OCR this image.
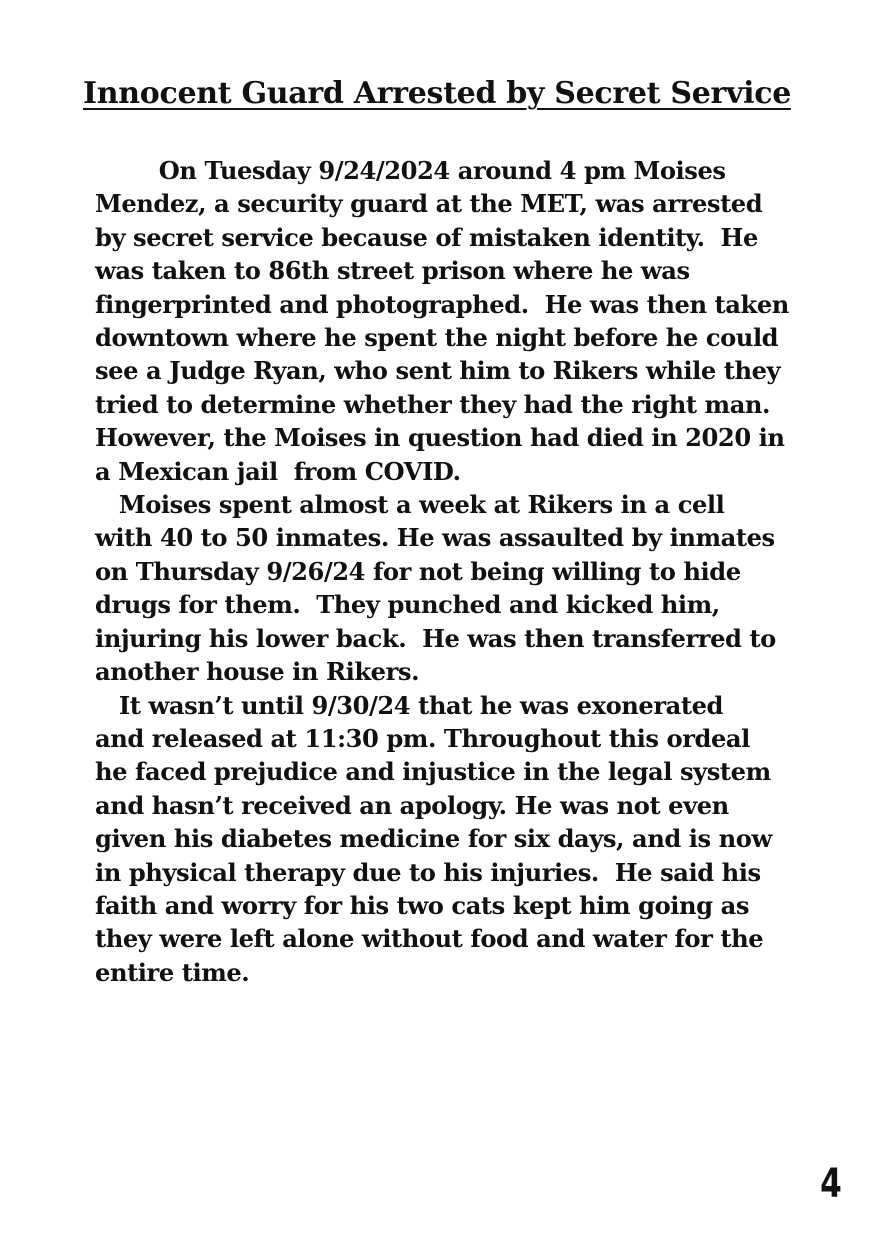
Innocent Guard Arrested by Secret Service
On Tuesday 9/24/2024 around 4 pm Moises
Mendez, a security guard at the MET, was arrested
by secret service because of mistaken identity.  He
was taken to 86th street prison where he was
fingerprinted and photographed.  He was then taken
downtown where he spent the night before he could
see a Judge Ryan, who sent him to Rikers while they
tried to determine whether they had the right man.
However, the Moises in question had died in 2020 in
a Mexican jail  from COVID.
Moises spent almost a week at Rikers in a cell
with 40 to 50 inmates. He was assaulted by inmates
on Thursday 9/26/24 for not being willing to hide
drugs for them.  They punched and kicked him,
injuring his lower back.  He was then transferred to
another house in Rikers.
It wasn’t until 9/30/24 that he was exonerated
and released at 11:30 pm. Throughout this ordeal
he faced prejudice and injustice in the legal system
and hasn’t received an apology. He was not even
given his diabetes medicine for six days, and is now
in physical therapy due to his injuries.  He said his
faith and worry for his two cats kept him going as
they were left alone without food and water for the
entire time.
4
